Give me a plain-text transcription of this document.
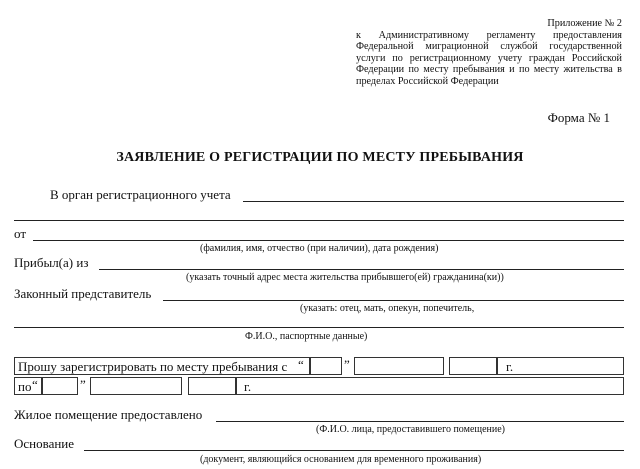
Приложение № 2
к Административному регламенту предоставления Федеральной миграционной службой государственной услуги по регистрационному учету граждан Российской Федерации по месту пребывания и по месту жительства в пределах Российской Федерации
Форма № 1
ЗАЯВЛЕНИЕ О РЕГИСТРАЦИИ ПО МЕСТУ ПРЕБЫВАНИЯ
В орган регистрационного учета
от
(фамилия, имя, отчество (при наличии), дата рождения)
Прибыл(а) из
(указать точный адрес места жительства прибывшего(ей) гражданина(ки))
Законный представитель
(указать: отец, мать, опекун, попечитель,
Ф.И.О., паспортные данные)
Прошу зарегистрировать по месту пребывания с “	”	г.
по “	”	г.
Жилое помещение предоставлено
(Ф.И.О. лица, предоставившего помещение)
Основание
(документ, являющийся основанием для временного проживания)
